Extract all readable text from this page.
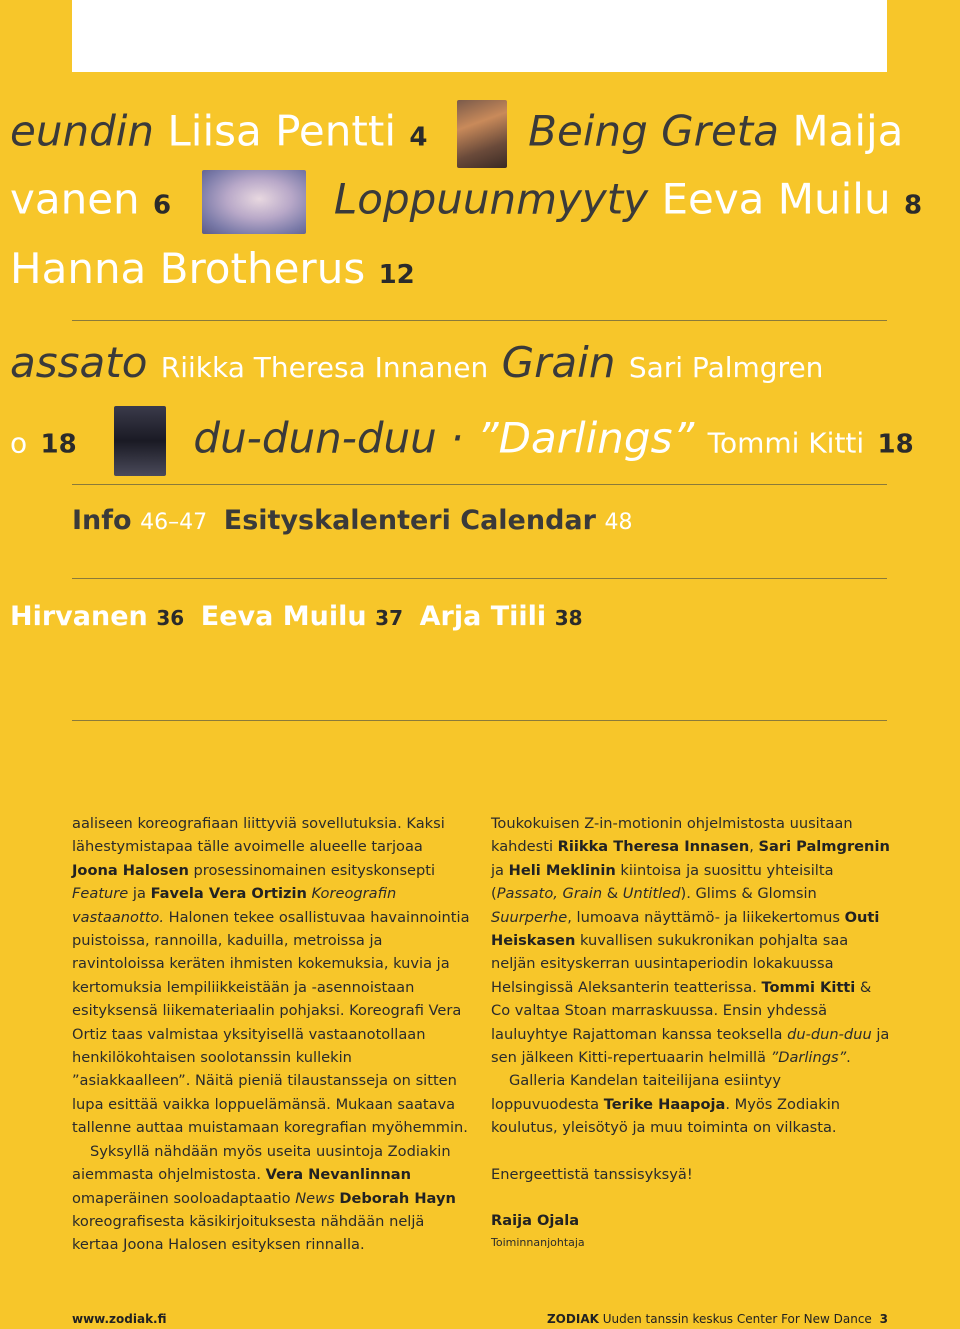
eundin Liisa Pentti 4 Being Greta Maija
vanen 6	Loppuunmyyty Eeva Muilu 8
Hanna Brotherus 12
assato Riikka Theresa Innanen Grain Sari Palmgren
o 18	du-dun-duu · ”Darlings” Tommi Kitti 18
Info 46–47 Esityskalenteri Calendar 48
Hirvanen 36 Eeva Muilu 37 Arja Tiili 38

aaliseen koreografiaan liittyviä sovellutuksia. Kaksi lähestymistapaa tälle avoimelle alueelle tarjoaa Joona Halosen prosessinomainen esityskonsepti Feature ja Favela Vera Ortizin Koreografin vastaanotto. Halonen tekee osallistuvaa havainnointia puistoissa, rannoilla, kaduilla, metroissa ja ravintoloissa keräten ihmisten kokemuksia, kuvia ja kertomuksia lempiliikkeistään ja -asennoistaan esityksensä liikemateriaalin pohjaksi. Koreografi Vera Ortiz taas valmistaa yksityisellä vastaanotollaan henkilökohtaisen soolotanssin kullekin ”asiakkaalleen”. Näitä pieniä tilaustansseja on sitten lupa esittää vaikka loppuelämänsä. Mukaan saatava tallenne auttaa muistamaan koregrafian myöhemmin.

Syksyllä nähdään myös useita uusintoja Zodiakin aiemmasta ohjelmistosta. Vera Nevanlinnan omaperäinen sooloadaptaatio News Deborah Hayn koreografisesta käsikirjoituksesta nähdään neljä kertaa Joona Halosen esityksen rinnalla.

Toukokuisen Z-in-motionin ohjelmistosta uusitaan kahdesti Riikka Theresa Innasen, Sari Palmgrenin ja Heli Meklinin kiintoisa ja suosittu yhteisilta (Passato, Grain & Untitled). Glims & Glomsin Suurperhe, lumoava näyttämö- ja liikekertomus Outi Heiskasen kuvallisen sukukronikan pohjalta saa neljän esityskerran uusintaperiodin lokakuussa Helsingissä Aleksanterin teatterissa. Tommi Kitti & Co valtaa Stoan marraskuussa. Ensin yhdessä lauluyhtye Rajattoman kanssa teoksella du-dun-duu ja sen jälkeen Kitti-repertuaarin helmillä ”Darlings”.

Galleria Kandelan taiteilijana esiintyy loppuvuodesta Terike Haapoja. Myös Zodiakin koulutus, yleisötyö ja muu toiminta on vilkasta.

Energeettistä tanssisyksyä!

Raija Ojala

Toiminnanjohtaja

www.zodiak.fi	ZODIAK Uuden tanssin keskus Center For New Dance 3
